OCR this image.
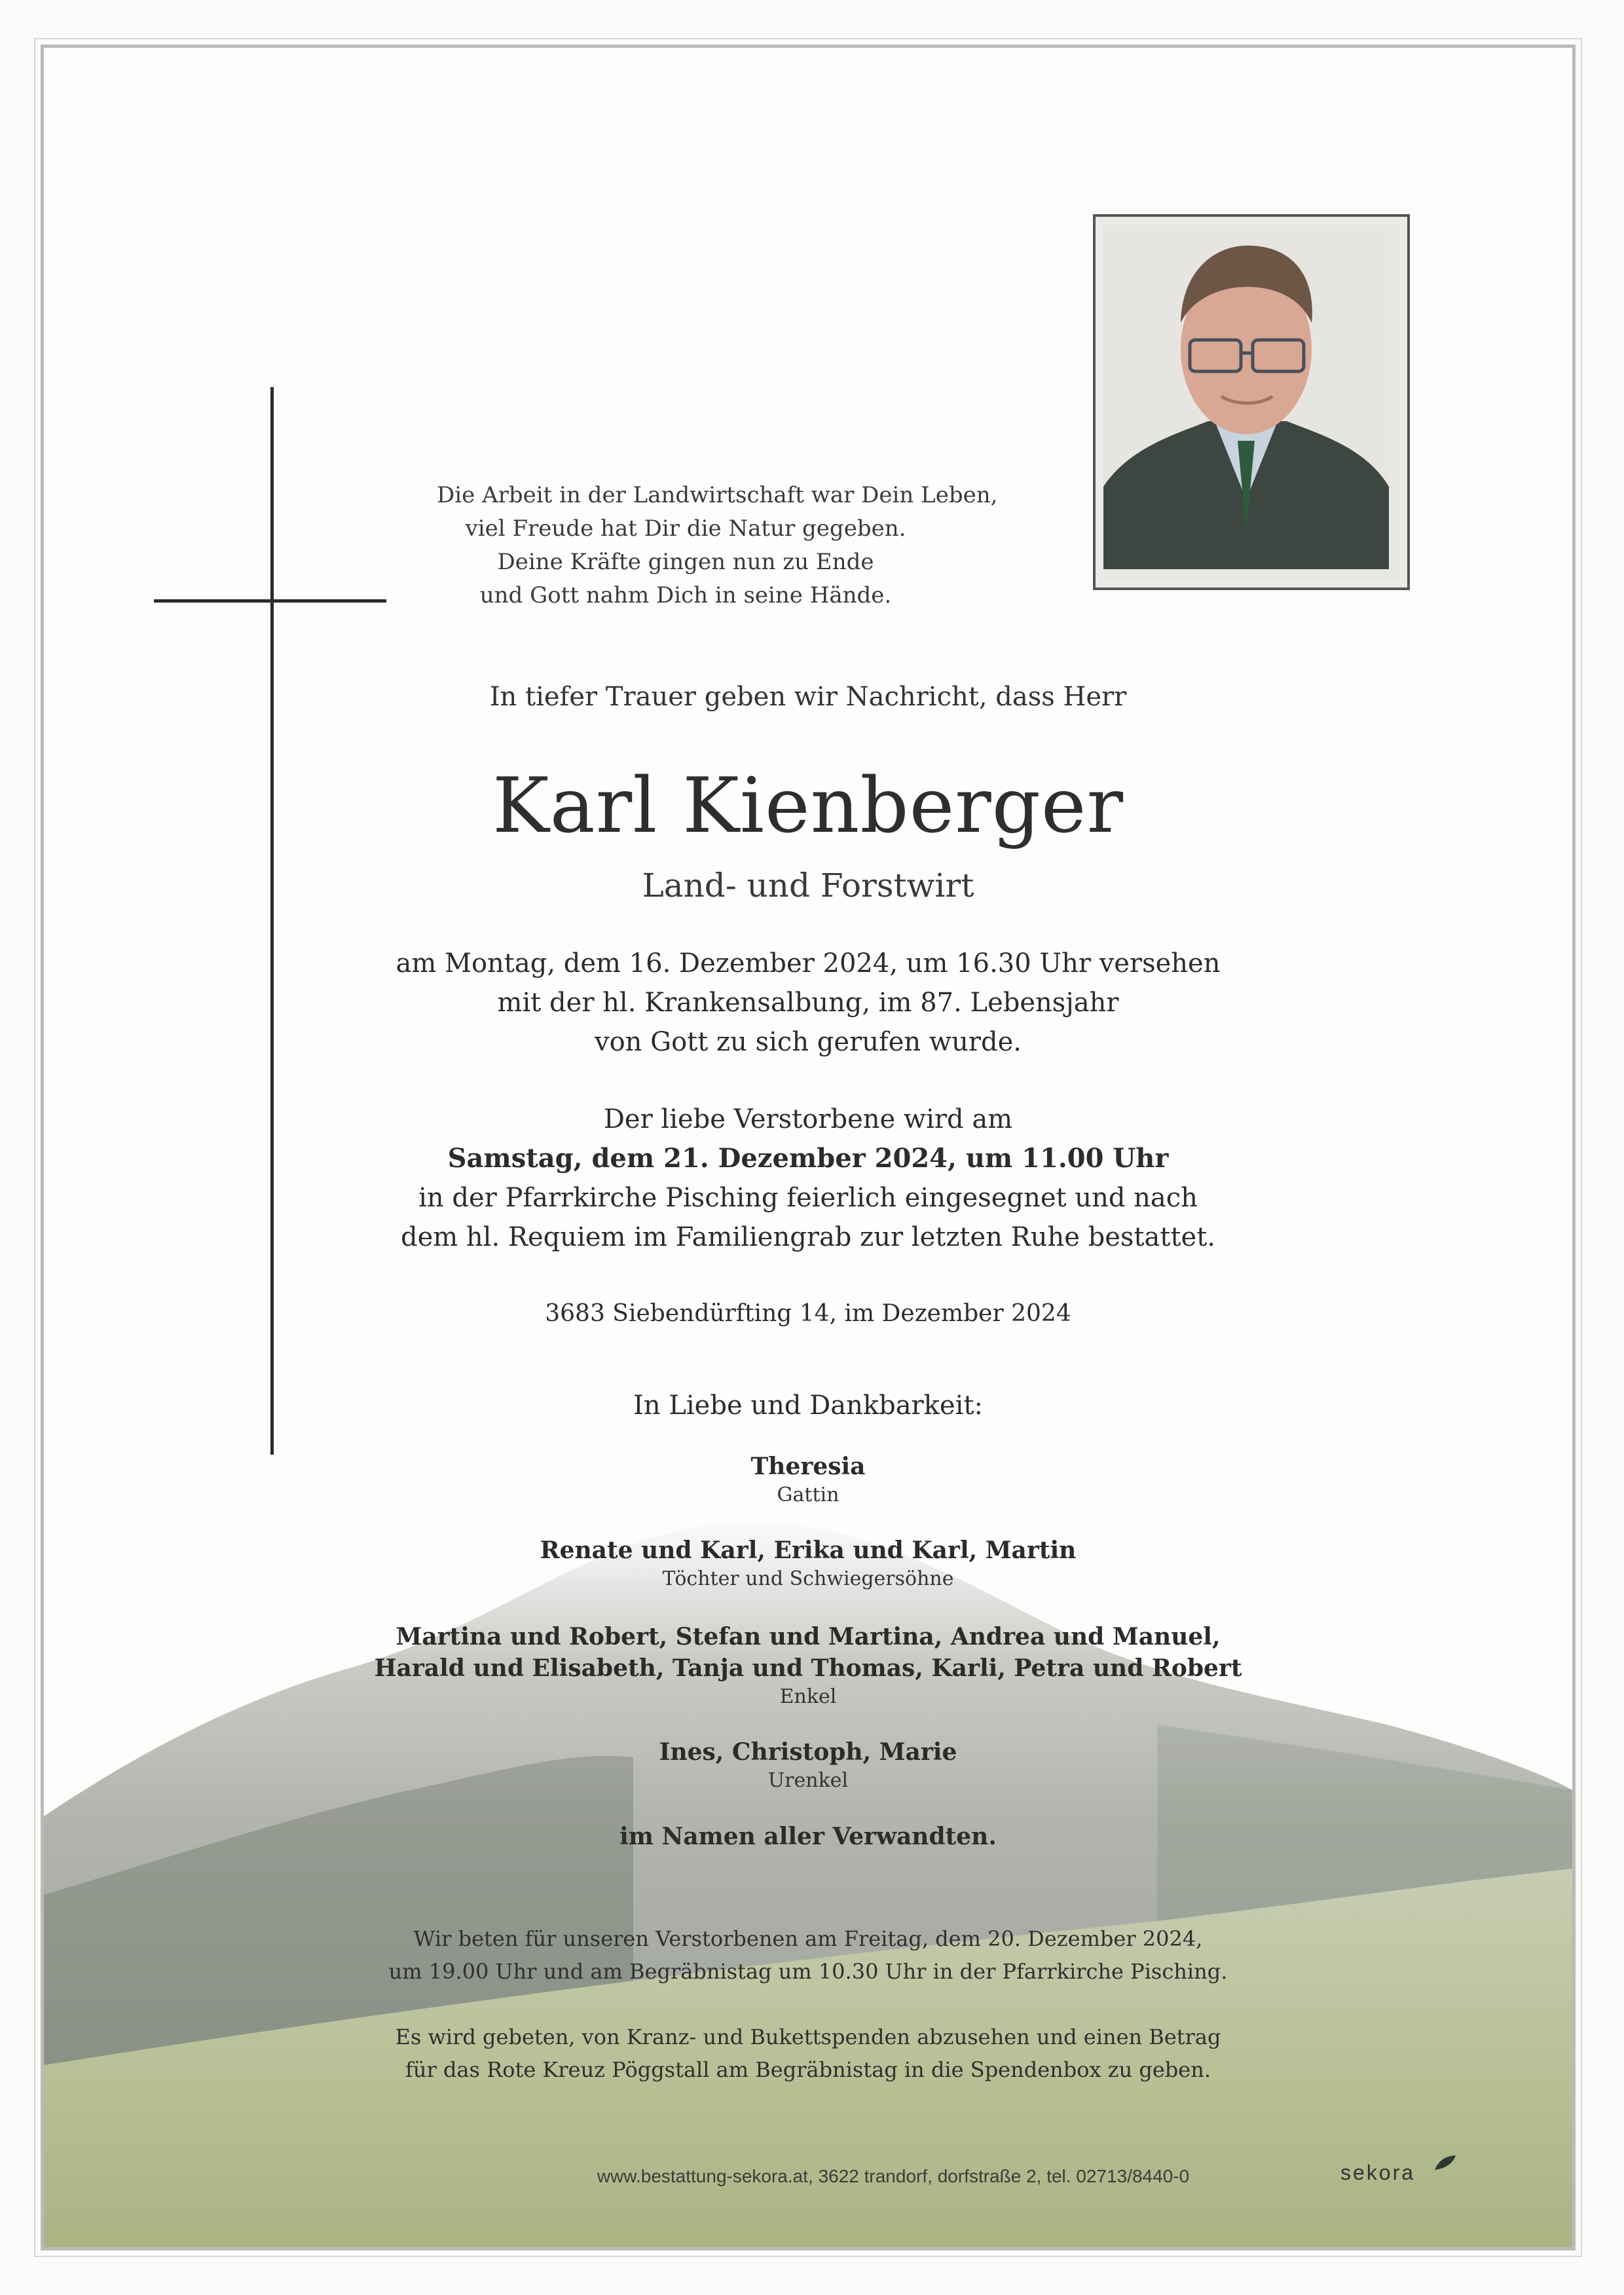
Die Arbeit in der Landwirtschaft war Dein Leben,
viel Freude hat Dir die Natur gegeben.
Deine Kräfte gingen nun zu Ende
und Gott nahm Dich in seine Hände.
In tiefer Trauer geben wir Nachricht, dass Herr
Karl Kienberger
Land- und Forstwirt
am Montag, dem 16. Dezember 2024, um 16.30 Uhr versehen
mit der hl. Krankensalbung, im 87. Lebensjahr
von Gott zu sich gerufen wurde.
Der liebe Verstorbene wird am
Samstag, dem 21. Dezember 2024, um 11.00 Uhr
in der Pfarrkirche Pisching feierlich eingesegnet und nach
dem hl. Requiem im Familiengrab zur letzten Ruhe bestattet.
3683 Siebendürfting 14, im Dezember 2024
In Liebe und Dankbarkeit:
Theresia
Gattin
Renate und Karl, Erika und Karl, Martin
Töchter und Schwiegersöhne
Martina und Robert, Stefan und Martina, Andrea und Manuel,
Harald und Elisabeth, Tanja und Thomas, Karli, Petra und Robert
Enkel
Ines, Christoph, Marie
Urenkel
im Namen aller Verwandten.
Wir beten für unseren Verstorbenen am Freitag, dem 20. Dezember 2024,
um 19.00 Uhr und am Begräbnistag um 10.30 Uhr in der Pfarrkirche Pisching.
Es wird gebeten, von Kranz- und Bukettspenden abzusehen und einen Betrag
für das Rote Kreuz Pöggstall am Begräbnistag in die Spendenbox zu geben.
www.bestattung-sekora.at, 3622 trandorf, dorfstraße 2, tel. 02713/8440-0	sekora
